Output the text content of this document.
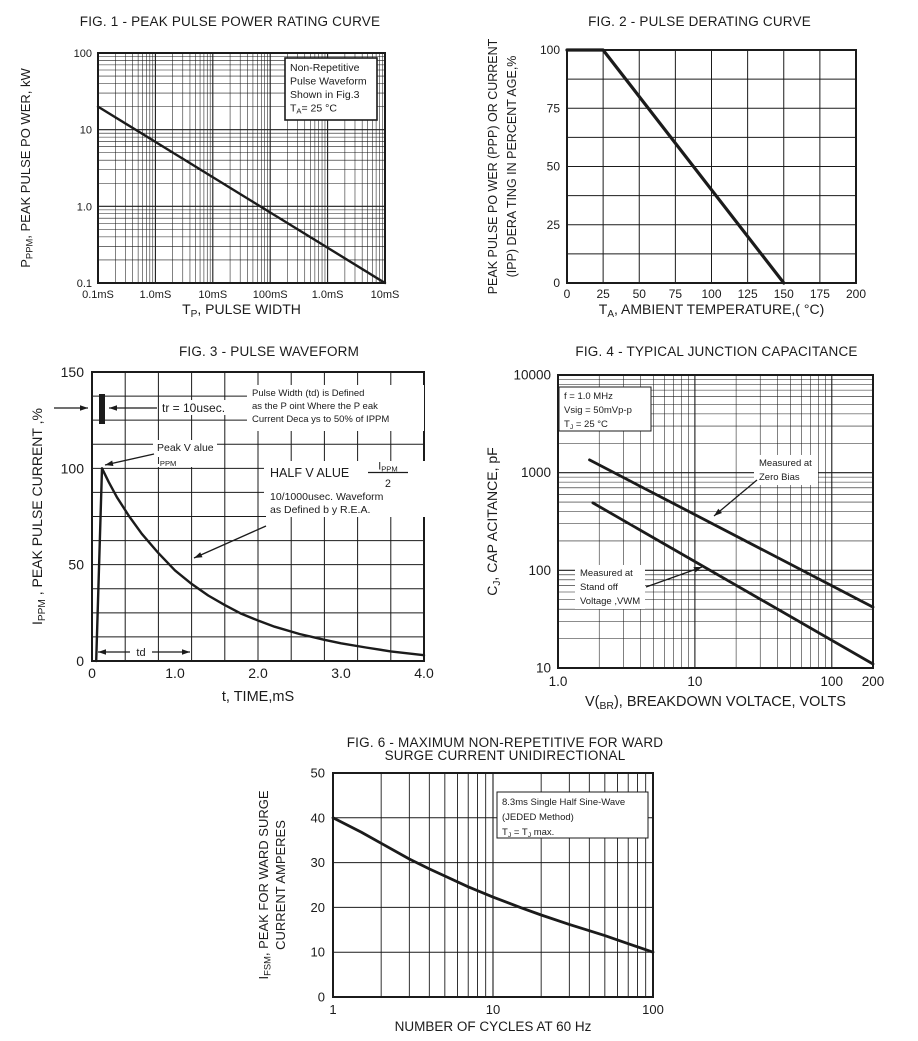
Non-Repetitive
Pulse Waveform
Shown in Fig.3
$T_A= 25$ °C
0.1mS 1.0mS 10mS 100mS 1.0mS 10mS
100
10
1.0
0.1
TP, PULSE WIDTH
$P_{PPM}$, PEAK PULSE PO WER, kW
FIG. 1 - PEAK PULSE POWER RATING CURVE
0 25 50 75 100 125 150 175 200
0
25
50
75
100
TA, AMBIENT TEMPERATURE,( °C)
PEAK PULSE PO WER (PPP) OR CURRENT (IPP) DERA TING IN PERCENT AGE,%
FIG. 2 - PULSE DERATING CURVE
tr = 10usec.
Peak V alue
$I_{PPM}$
Pulse Width (td) is Defined
as the P oint Where the P eak
Current Deca ys to 50% of IPPM
HALF V ALUE	IPPM
2
10/1000usec. Waveform
as Defined b y R.E.A.
td
0	1.0	2.0	3.0	4.0
0
50
100
150
t, TIME,mS
IPPM , PEAK PULSE CURRENT ,%
FIG. 3 - PULSE WAVEFORM
f = 1.0 MHz
Vsig = 50mVp-p
TJ = 25 °C
Measured at
Zero Bias
Measured at
Stand off
Voltage ,VWM
1.0	10	100 200
10000
1000
100
10
V(BR), BREAKDOWN VOLTACE, VOLTS
CJ, CAP ACITANCE, pF
FIG. 4 - TYPICAL JUNCTION CAPACITANCE
8.3ms Single Half Sine-Wave
(JEDED Method)
TJ = TJ max.
1	10	100
0
10
20
30
40
50
NUMBER OF CYCLES AT 60 Hz
$I_{FSM}$, PEAK FOR WARD SURGE CURRENT AMPERES
FIG. 6 - MAXIMUM NON-REPETITIVE FOR WARD
SURGE CURRENT UNIDIRECTIONAL
